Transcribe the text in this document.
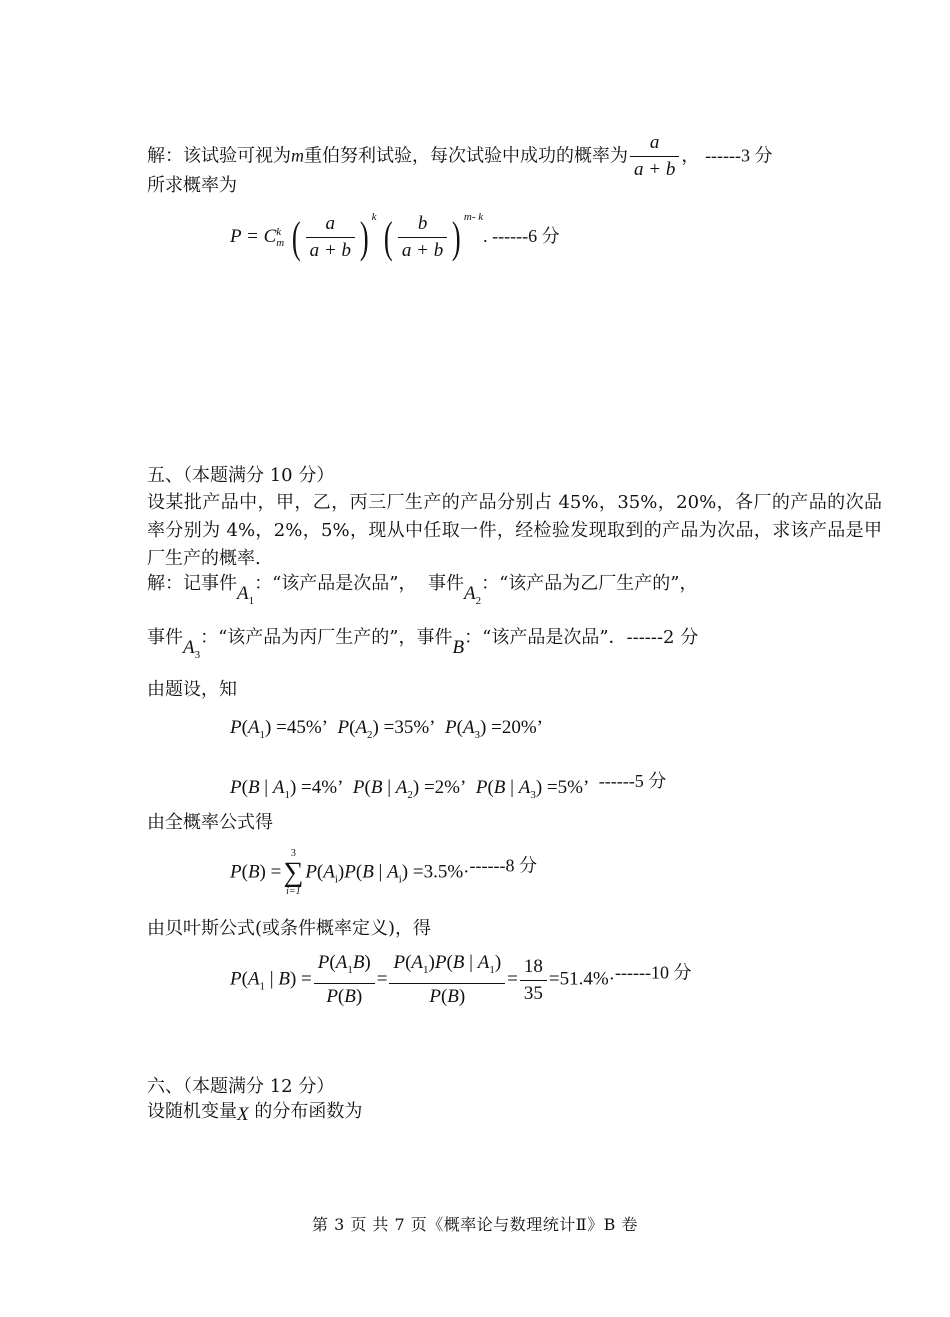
解：该试验可视为m重伯努利试验，每次试验中成功的概率为 $\frac{a}{a + b}$ ， ------3 分
所求概率为
P = C k
m ( $\frac{a}{a + b}$ ) $^k$ ( $\frac{b}{a + b}$ ) $^{m- k}$. ------6 分
五、（本题满分 10 分）
设某批产品中，甲，乙，丙三厂生产的产品分别占 45%，35%，20%，各厂的产品的次品率分别为 4%，2%，5%，现从中任取一件，经检验发现取到的产品为次品，求该产品是甲厂生产的概率.
解：记事件$A_1$：“该产品是次品”， 事件$A_2$：“该产品为乙厂生产的”，
事件$A_3$：“该产品为丙厂生产的”，事件B：“该产品是次品”．------2 分
由题设，知
$P(A_1) =45\%$’  $P(A_2) =35\%$’  $P(A_3) =20\%$’
P(B | $A_1) =4\%$’  P(B | $A_2) =2\%$’  P(B | $A_3) =5\%$’  ------5 分
由全概率公式得
P(B) =
3
∑
i=1
$P(A_i)P(B$ | $A_i) =3.5\%\cdot------8$ 分
由贝叶斯公式(或条件概率定义)，得
$P(A_1$ | $B) = \frac{P(A_1B)}{P(B)} = \frac{P(A_1)P(B | A_1)}{P(B)} = \frac{18}{35} =51.4\%\cdot------10$ 分
六、（本题满分 12 分）
设随机变量X 的分布函数为
第 3 页 共 7 页《概率论与数理统计Ⅱ》B 卷
